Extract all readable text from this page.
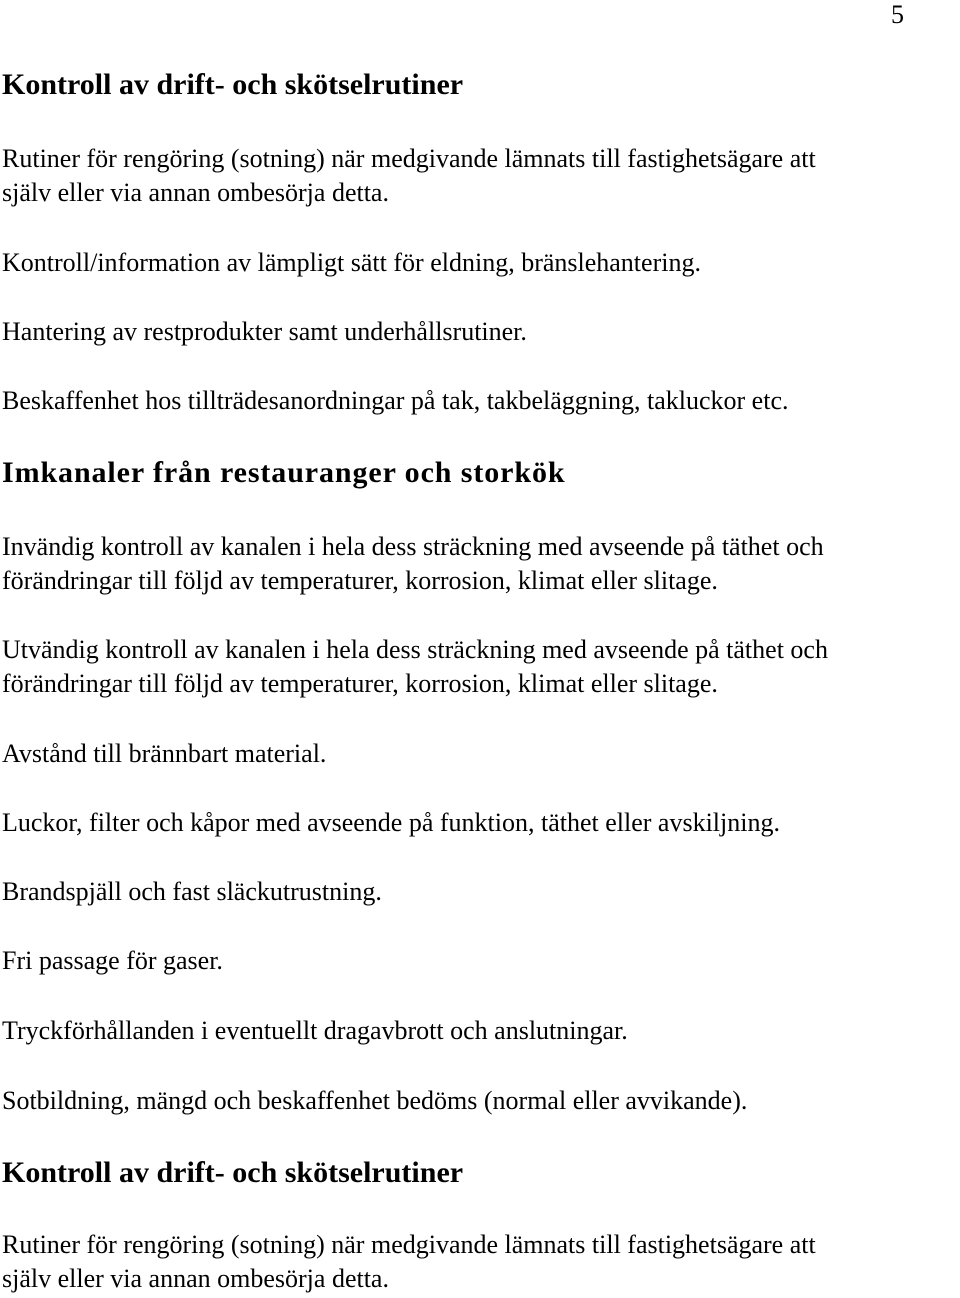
5
Kontroll av drift- och skötselrutiner

Rutiner för rengöring (sotning) när medgivande lämnats till fastighetsägare att
själv eller via annan ombesörja detta.

Kontroll/information av lämpligt sätt för eldning, bränslehantering.

Hantering av restprodukter samt underhållsrutiner.

Beskaffenhet hos tillträdesanordningar på tak, takbeläggning, takluckor etc.

Imkanaler från restauranger och storkök

Invändig kontroll av kanalen i hela dess sträckning med avseende på täthet och
förändringar till följd av temperaturer, korrosion, klimat eller slitage.

Utvändig kontroll av kanalen i hela dess sträckning med avseende på täthet och
förändringar till följd av temperaturer, korrosion, klimat eller slitage.

Avstånd till brännbart material.

Luckor, filter och kåpor med avseende på funktion, täthet eller avskiljning.

Brandspjäll och fast släckutrustning.

Fri passage för gaser.

Tryckförhållanden i eventuellt dragavbrott och anslutningar.

Sotbildning, mängd och beskaffenhet bedöms (normal eller avvikande).

Kontroll av drift- och skötselrutiner

Rutiner för rengöring (sotning) när medgivande lämnats till fastighetsägare att
själv eller via annan ombesörja detta.
